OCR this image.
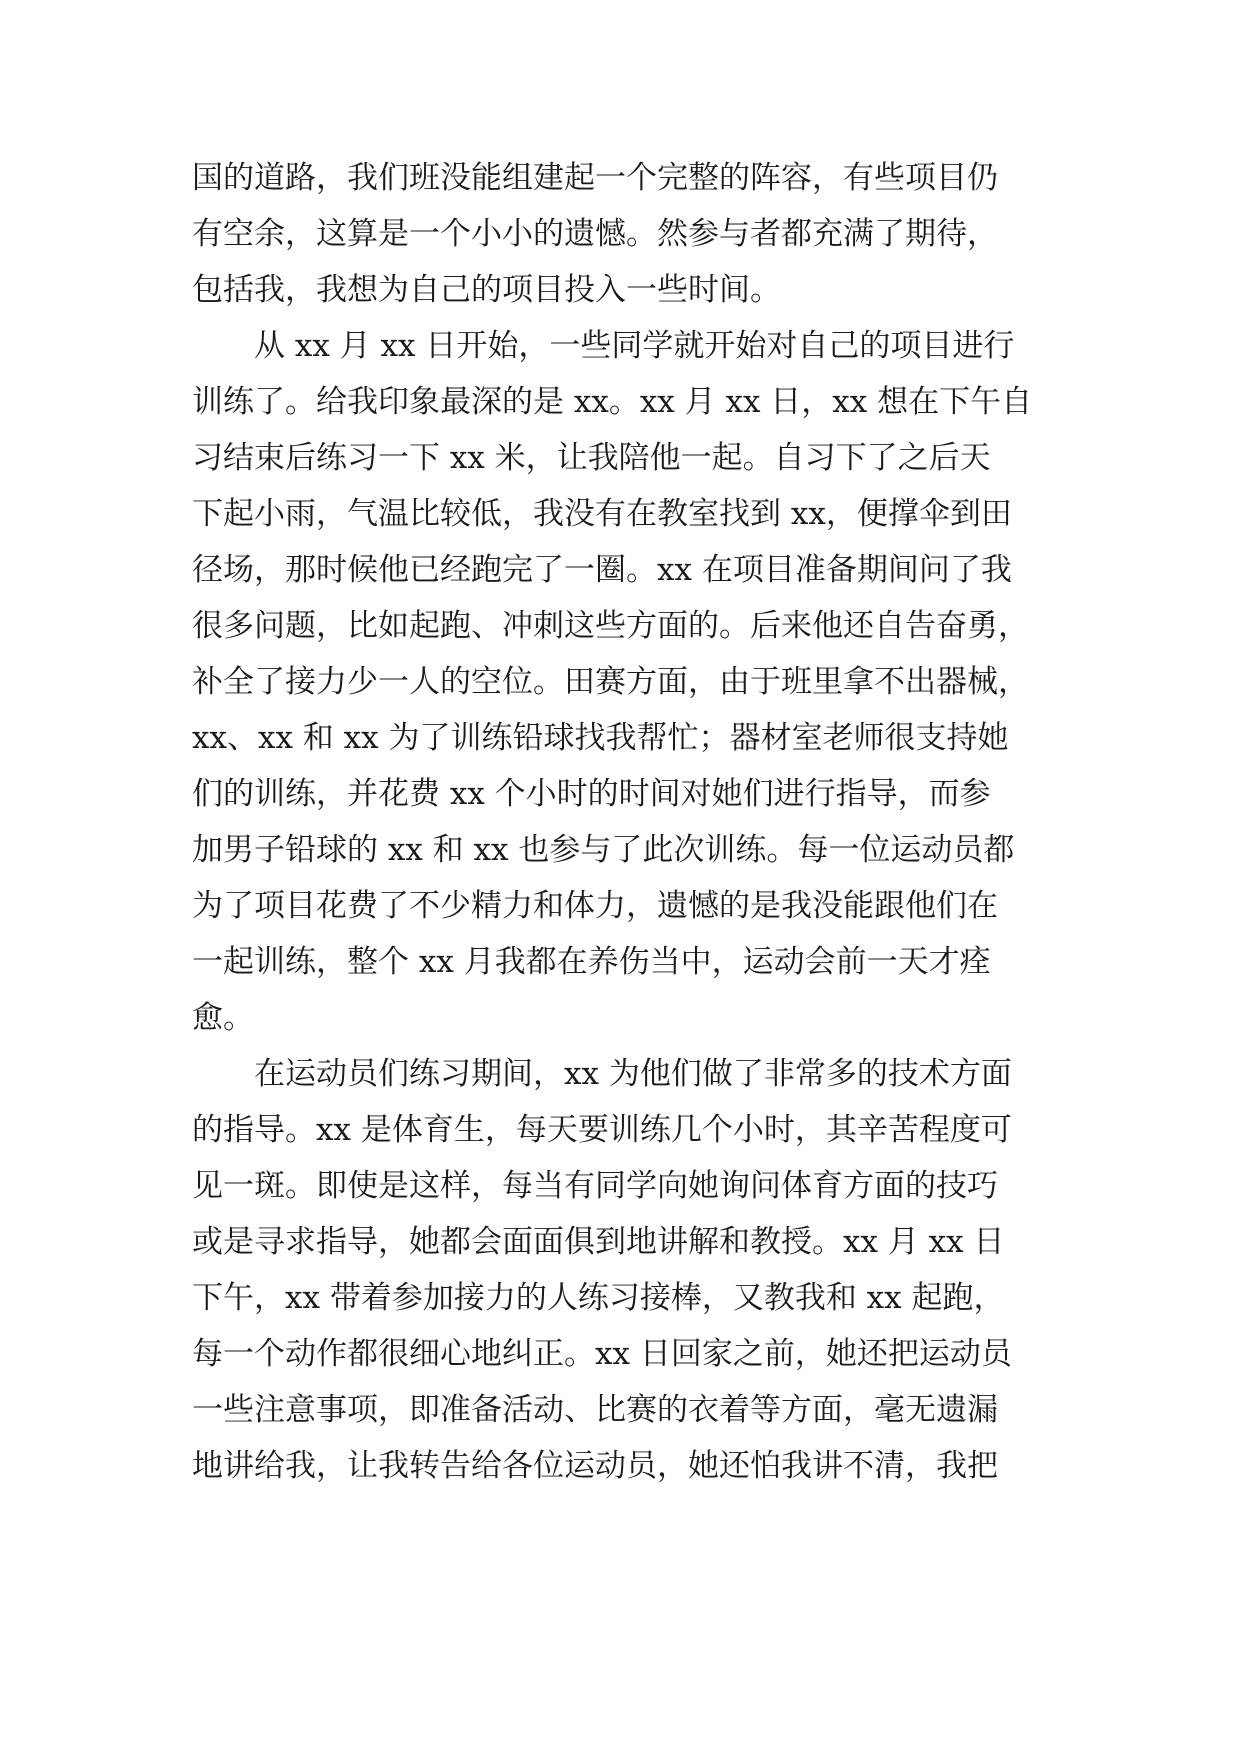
国的道路，我们班没能组建起一个完整的阵容，有些项目仍
有空余，这算是一个小小的遗憾。然参与者都充满了期待，
包括我，我想为自己的项目投入一些时间。
从 xx 月 xx 日开始，一些同学就开始对自己的项目进行
训练了。给我印象最深的是 xx。xx 月 xx 日，xx 想在下午自
习结束后练习一下 xx 米，让我陪他一起。自习下了之后天
下起小雨，气温比较低，我没有在教室找到 xx，便撑伞到田
径场，那时候他已经跑完了一圈。xx 在项目准备期间问了我
很多问题，比如起跑、冲刺这些方面的。后来他还自告奋勇，
补全了接力少一人的空位。田赛方面，由于班里拿不出器械，
xx、xx 和 xx 为了训练铅球找我帮忙；器材室老师很支持她
们的训练，并花费 xx 个小时的时间对她们进行指导，而参
加男子铅球的 xx 和 xx 也参与了此次训练。每一位运动员都
为了项目花费了不少精力和体力，遗憾的是我没能跟他们在
一起训练，整个 xx 月我都在养伤当中，运动会前一天才痊
愈。
在运动员们练习期间，xx 为他们做了非常多的技术方面
的指导。xx 是体育生，每天要训练几个小时，其辛苦程度可
见一斑。即使是这样，每当有同学向她询问体育方面的技巧
或是寻求指导，她都会面面俱到地讲解和教授。xx 月 xx 日
下午，xx 带着参加接力的人练习接棒，又教我和 xx 起跑，
每一个动作都很细心地纠正。xx 日回家之前，她还把运动员
一些注意事项，即准备活动、比赛的衣着等方面，毫无遗漏
地讲给我，让我转告给各位运动员，她还怕我讲不清，我把
